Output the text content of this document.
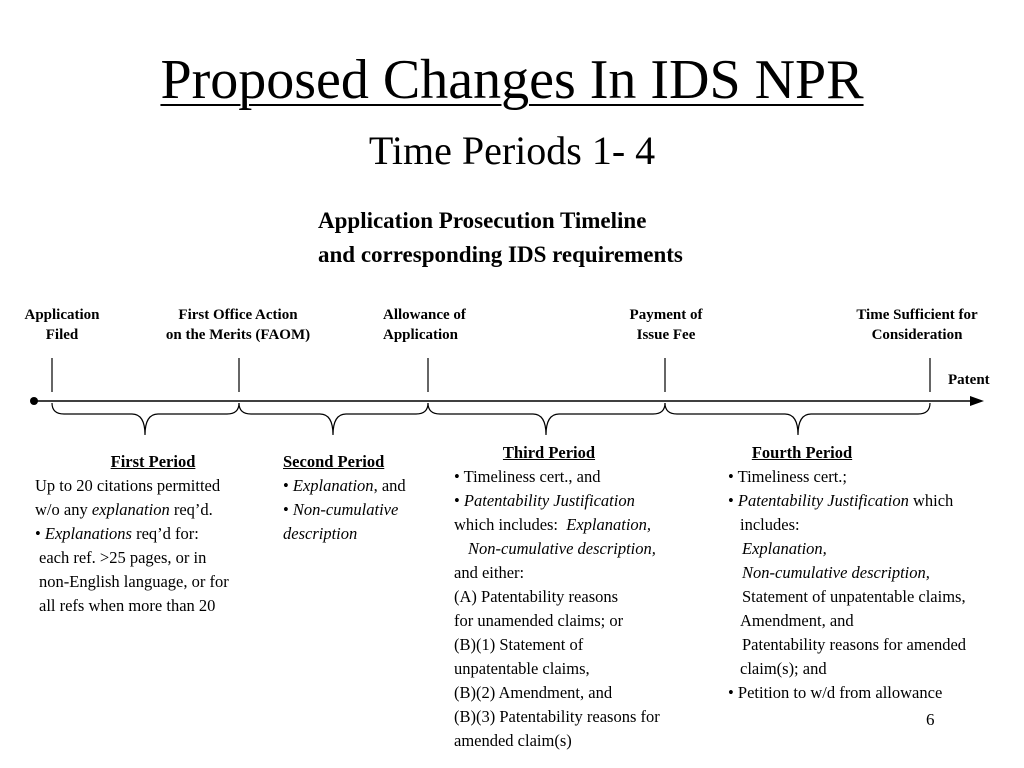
Proposed Changes In IDS NPR
Time Periods 1- 4
Application Prosecution Timeline
and corresponding IDS requirements
Application
Filed
First Office Action
on the Merits (FAOM)
Allowance of
Application
Payment of
Issue Fee
Time Sufficient for
Consideration
Patent
First Period
Up to 20 citations permitted
w/o any explanation req’d.
• Explanations req’d for:
each ref. >25 pages, or in
non-English language, or for
all refs when more than 20
Second Period
• Explanation, and
• Non-cumulative
description
Third Period
• Timeliness cert., and
• Patentability Justification
which includes:  Explanation,
Non-cumulative description,
and either:
(A) Patentability reasons
for unamended claims; or
(B)(1) Statement of
unpatentable claims,
(B)(2) Amendment, and
(B)(3) Patentability reasons for
amended claim(s)
Fourth Period
• Timeliness cert.;
• Patentability Justification which
includes:
Explanation,
Non-cumulative description,
Statement of unpatentable claims,
Amendment, and
Patentability reasons for amended
claim(s); and
• Petition to w/d from allowance
6
